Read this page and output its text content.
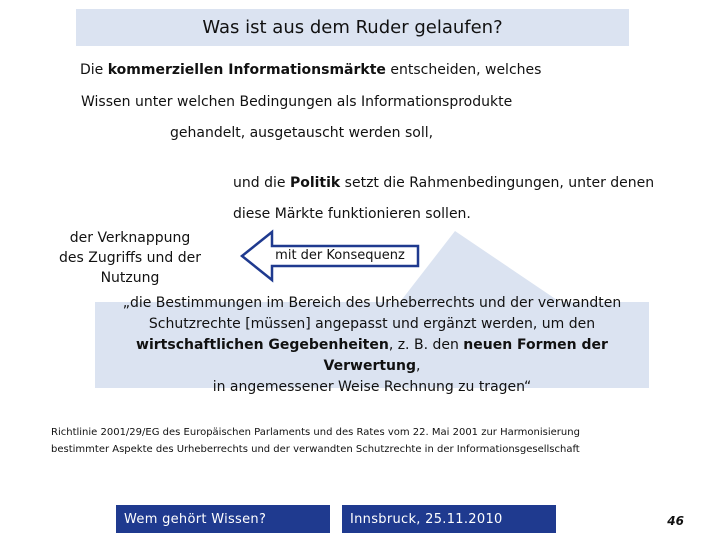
Was ist aus dem Ruder gelaufen?
Die kommerziellen Informationsmärkte entscheiden, welches
Wissen unter welchen Bedingungen als Informationsprodukte
gehandelt, ausgetauscht werden soll,
und die Politik setzt die Rahmenbedingungen, unter denen
diese Märkte funktionieren sollen.
der Verknappung
des Zugriffs und der
Nutzung
„die Bestimmungen im Bereich des Urheberrechts und der verwandten
Schutzrechte [müssen] angepasst und ergänzt werden, um den
wirtschaftlichen Gegebenheiten, z. B. den neuen Formen der Verwertung,
in angemessener Weise Rechnung zu tragen“
mit der Konsequenz
Richtlinie 2001/29/EG des Europäischen Parlaments und des Rates vom 22. Mai 2001 zur Harmonisierung
bestimmter Aspekte des Urheberrechts und der verwandten Schutzrechte in der Informationsgesellschaft
Wem gehört Wissen?	Innsbruck, 25.11.2010	46
